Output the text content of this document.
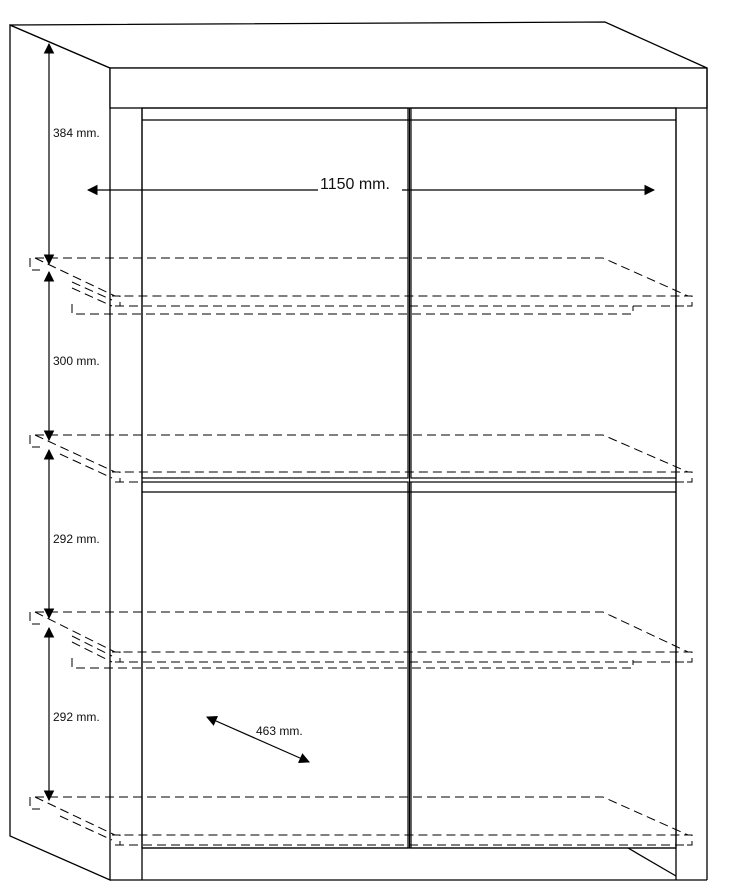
1150 mm.
384 mm.
300 mm.
292 mm.
292 mm.
463 mm.
